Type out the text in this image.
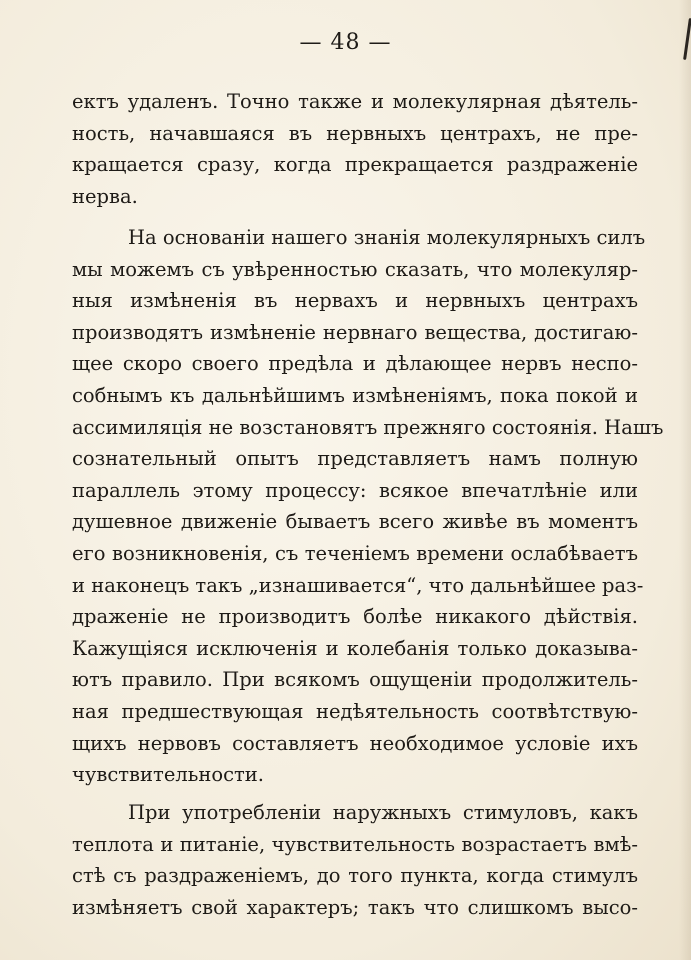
— 48 —
ектъ удаленъ. Точно также и молекулярная дѣятель-
ность, начавшаяся въ нервныхъ центрахъ, не пре-
кращается сразу, когда прекращается раздраженіе
нерва.
На основаніи нашего знанія молекулярныхъ силъ
мы можемъ съ увѣренностью сказать, что молекуляр-
ныя измѣненія въ нервахъ и нервныхъ центрахъ
производятъ измѣненіе нервнаго вещества, достигаю-
щее скоро своего предѣла и дѣлающее нервъ неспо-
собнымъ къ дальнѣйшимъ измѣненіямъ, пока покой и
ассимиляція не возстановятъ прежняго состоянія. Нашъ
сознательный опытъ представляетъ намъ полную
параллель этому процессу: всякое впечатлѣніе или
душевное движеніе бываетъ всего живѣе въ моментъ
его возникновенія, съ теченіемъ времени ослабѣваетъ
и наконецъ такъ „изнашивается“, что дальнѣйшее раз-
драженіе не производитъ болѣе никакого дѣйствія.
Кажущіяся исключенія и колебанія только доказыва-
ютъ правило. При всякомъ ощущеніи продолжитель-
ная предшествующая недѣятельность соотвѣтствую-
щихъ нервовъ составляетъ необходимое условіе ихъ
чувствительности.
При употребленіи наружныхъ стимуловъ, какъ
теплота и питаніе, чувствительность возрастаетъ вмѣ-
стѣ съ раздраженіемъ, до того пункта, когда стимулъ
измѣняетъ свой характеръ; такъ что слишкомъ высо-
